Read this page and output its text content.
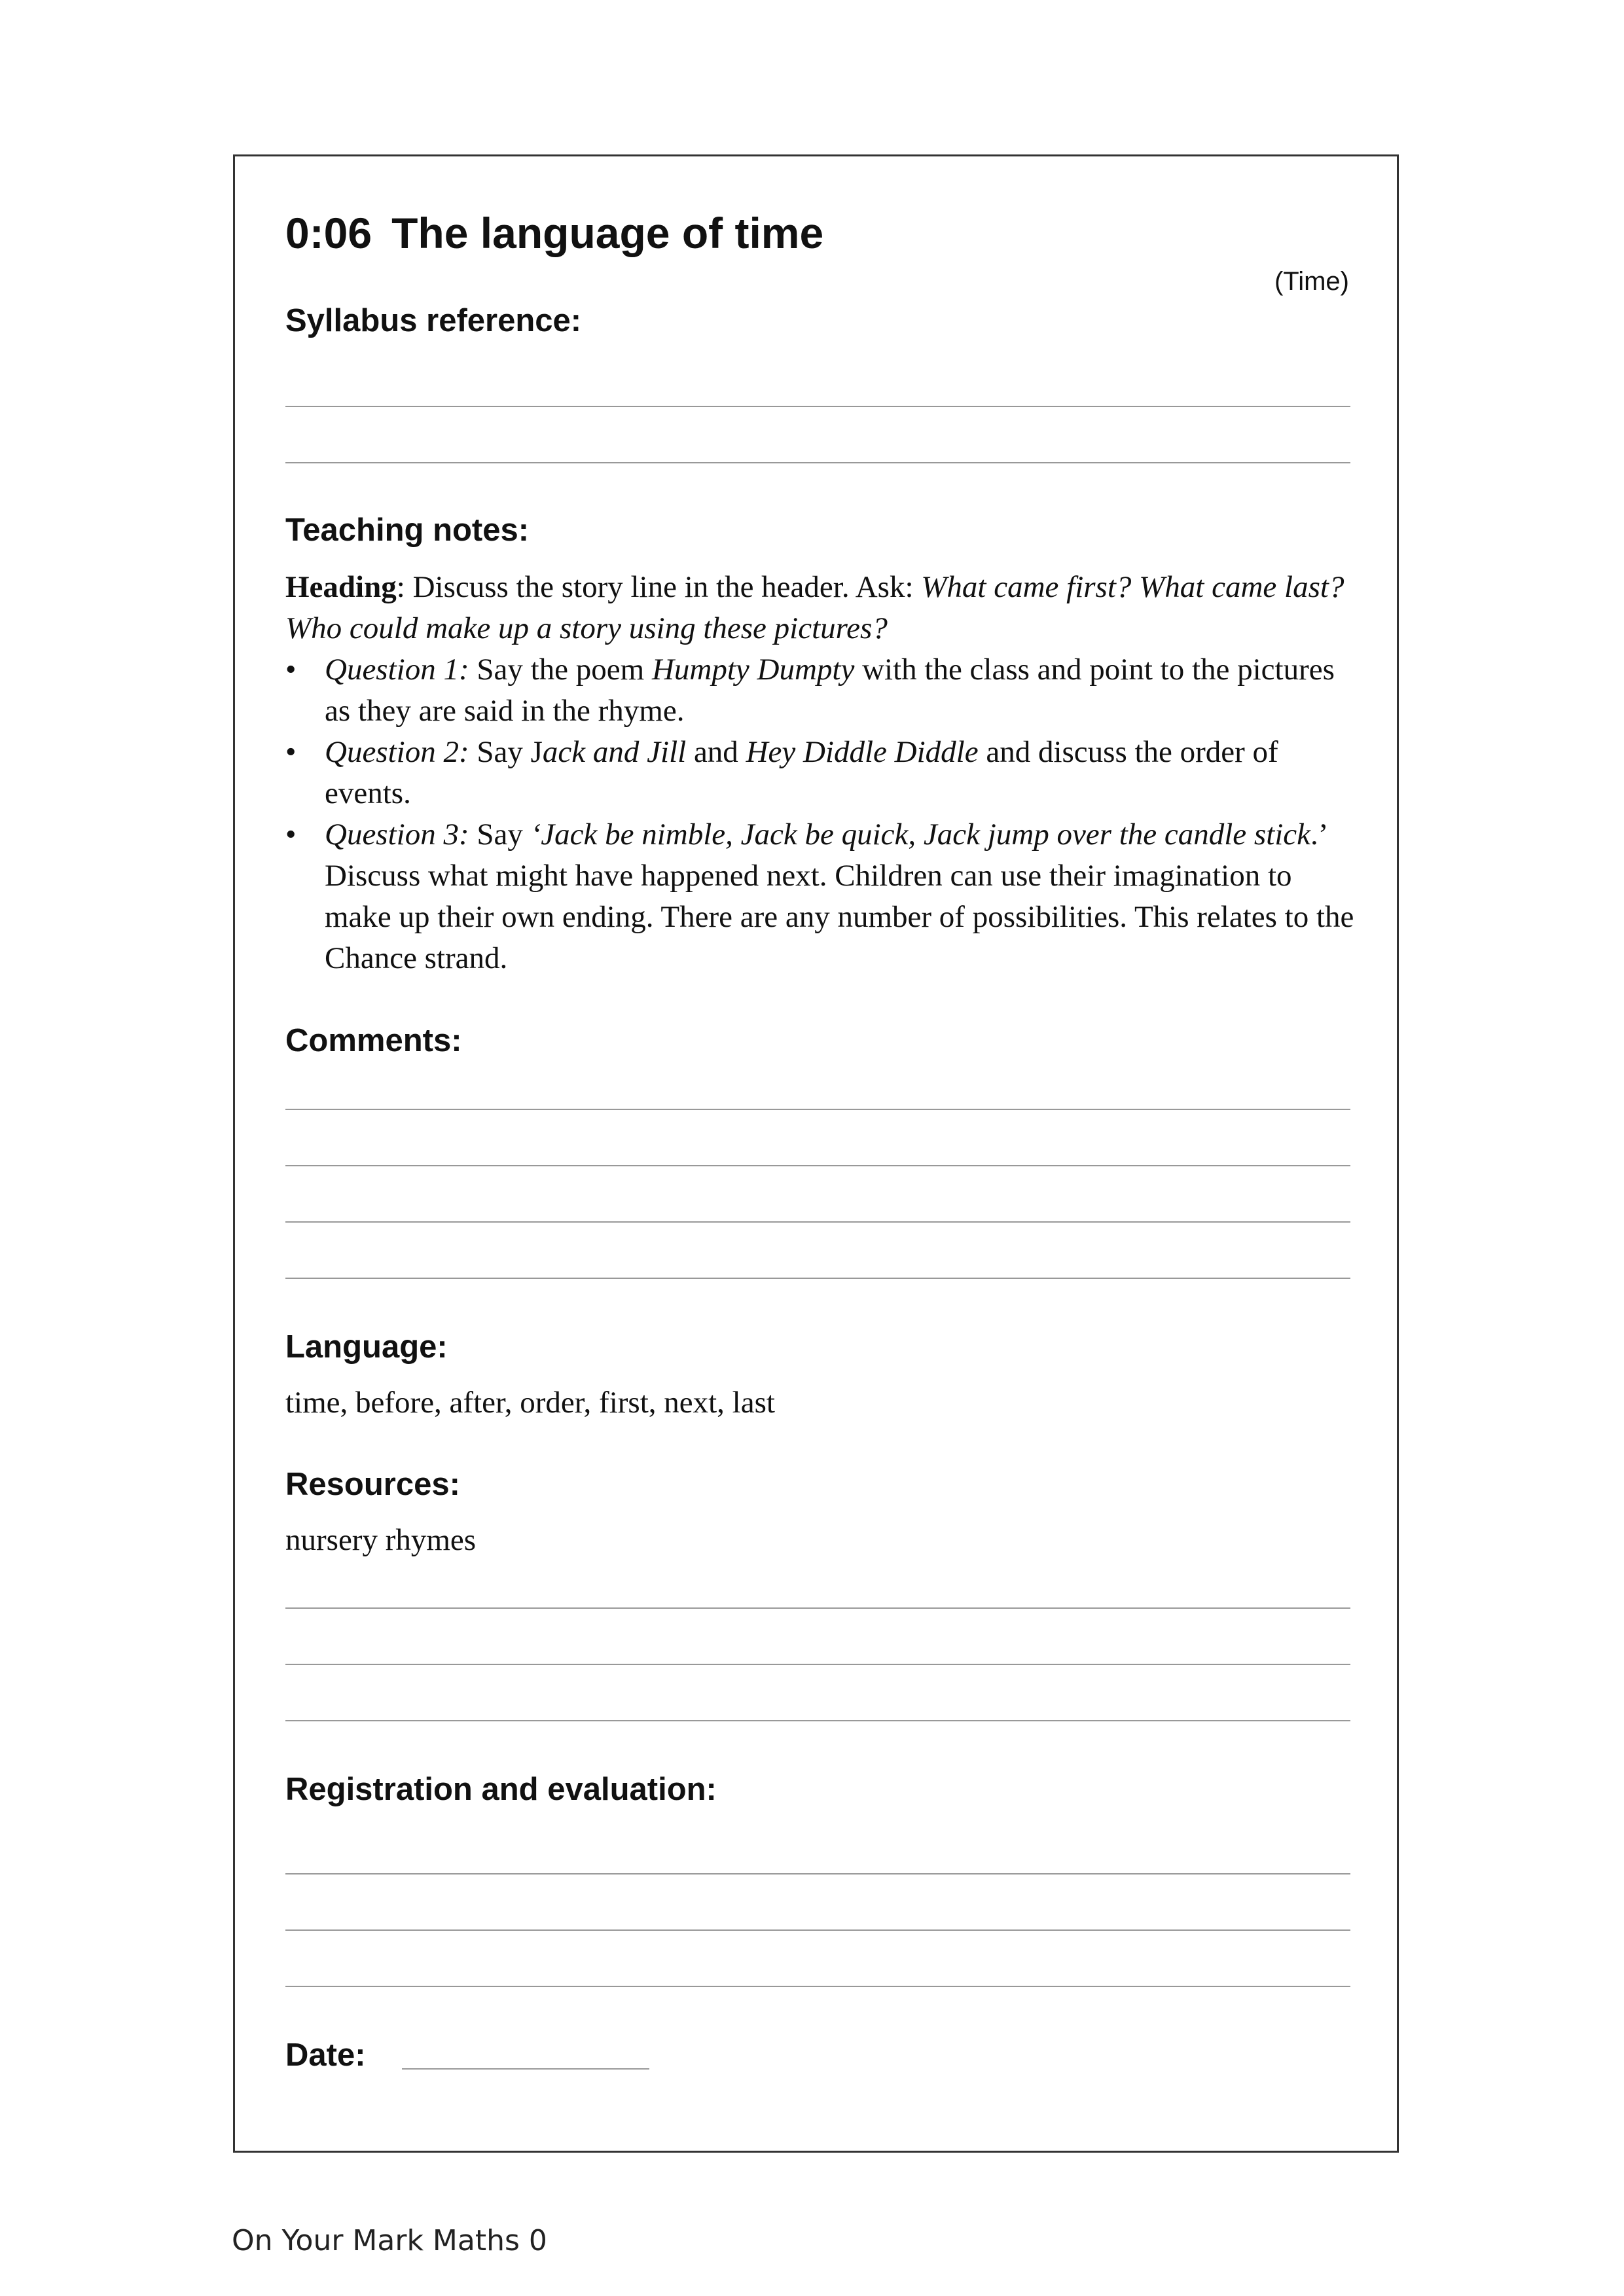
0:06 The language of time
(Time)
Syllabus reference:
Teaching notes:

Heading: Discuss the story line in the header. Ask: What came first? What came last? Who could make up a story using these pictures?

• Question 1: Say the poem Humpty Dumpty with the class and point to the pictures as they are said in the rhyme.
• Question 2: Say Jack and Jill and Hey Diddle Diddle and discuss the order of events.
• Question 3: Say ‘Jack be nimble, Jack be quick, Jack jump over the candle stick.’ Discuss what might have happened next. Children can use their imagination to make up their own ending. There are any number of possibilities. This relates to the Chance strand.
Comments:
Language:
time, before, after, order, first, next, last
Resources:
nursery rhymes
Registration and evaluation:
Date:
On Your Mark Maths 0
